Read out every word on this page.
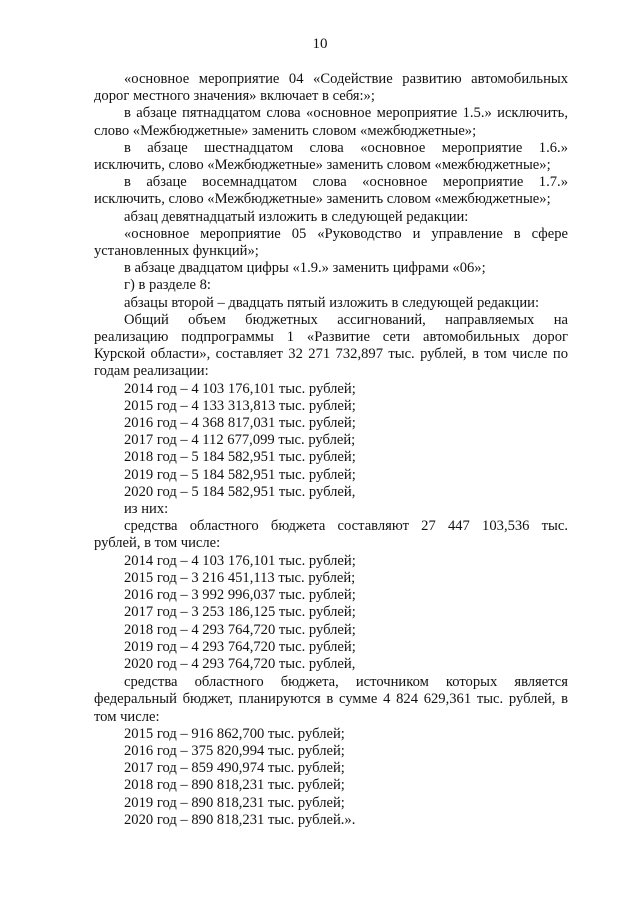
10
«основное мероприятие 04 «Содействие развитию автомобильных
дорог местного значения» включает в себя:»;
в абзаце пятнадцатом слова «основное мероприятие 1.5.» исключить,
слово «Межбюджетные» заменить словом «межбюджетные»;
в абзаце шестнадцатом слова «основное мероприятие 1.6.»
исключить, слово «Межбюджетные» заменить словом «межбюджетные»;
в абзаце восемнадцатом слова «основное мероприятие 1.7.»
исключить, слово «Межбюджетные» заменить словом «межбюджетные»;
абзац девятнадцатый изложить в следующей редакции:
«основное мероприятие 05 «Руководство и управление в сфере
установленных функций»;
в абзаце двадцатом цифры «1.9.» заменить цифрами «06»;
г) в разделе 8:
абзацы второй – двадцать пятый изложить в следующей редакции:
Общий объем бюджетных ассигнований, направляемых на
реализацию подпрограммы 1 «Развитие сети автомобильных дорог
Курской области», составляет 32 271 732,897 тыс. рублей, в том числе по
годам реализации:
2014 год – 4 103 176,101 тыс. рублей;
2015 год – 4 133 313,813 тыс. рублей;
2016 год – 4 368 817,031 тыс. рублей;
2017 год – 4 112 677,099 тыс. рублей;
2018 год – 5 184 582,951 тыс. рублей;
2019 год – 5 184 582,951 тыс. рублей;
2020 год – 5 184 582,951 тыс. рублей,
из них:
средства областного бюджета составляют 27 447 103,536 тыс.
рублей, в том числе:
2014 год – 4 103 176,101 тыс. рублей;
2015 год – 3 216 451,113 тыс. рублей;
2016 год – 3 992 996,037 тыс. рублей;
2017 год – 3 253 186,125 тыс. рублей;
2018 год – 4 293 764,720 тыс. рублей;
2019 год – 4 293 764,720 тыс. рублей;
2020 год – 4 293 764,720 тыс. рублей,
средства областного бюджета, источником которых является
федеральный бюджет, планируются в сумме 4 824 629,361 тыс. рублей, в
том числе:
2015 год – 916 862,700 тыс. рублей;
2016 год – 375 820,994 тыс. рублей;
2017 год – 859 490,974 тыс. рублей;
2018 год – 890 818,231 тыс. рублей;
2019 год – 890 818,231 тыс. рублей;
2020 год – 890 818,231 тыс. рублей.».
